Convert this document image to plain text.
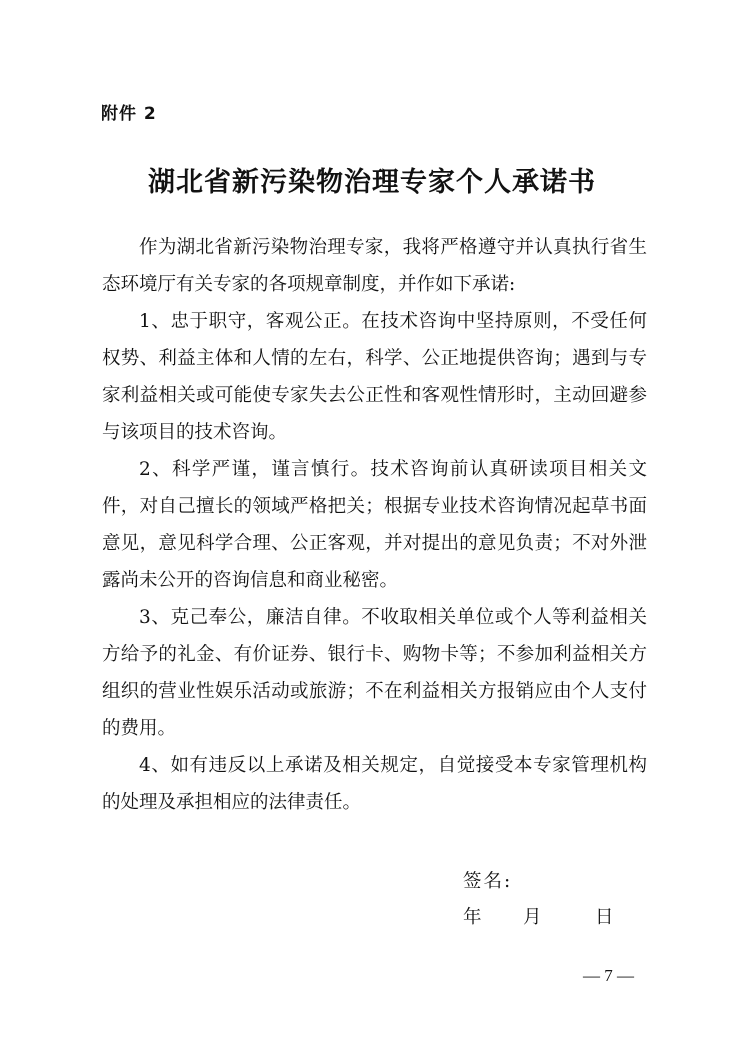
附件 2
湖北省新污染物治理专家个人承诺书

作为湖北省新污染物治理专家，我将严格遵守并认真执行省生态环境厅有关专家的各项规章制度，并作如下承诺:

1、忠于职守，客观公正。在技术咨询中坚持原则，不受任何权势、利益主体和人情的左右，科学、公正地提供咨询；遇到与专家利益相关或可能使专家失去公正性和客观性情形时，主动回避参与该项目的技术咨询。

2、科学严谨，谨言慎行。技术咨询前认真研读项目相关文件，对自己擅长的领域严格把关；根据专业技术咨询情况起草书面意见，意见科学合理、公正客观，并对提出的意见负责；不对外泄露尚未公开的咨询信息和商业秘密。

3、克己奉公，廉洁自律。不收取相关单位或个人等利益相关方给予的礼金、有价证券、银行卡、购物卡等；不参加利益相关方组织的营业性娱乐活动或旅游；不在利益相关方报销应由个人支付的费用。

4、如有违反以上承诺及相关规定，自觉接受本专家管理机构的处理及承担相应的法律责任。

签名:
年 月	日
— 7 —
